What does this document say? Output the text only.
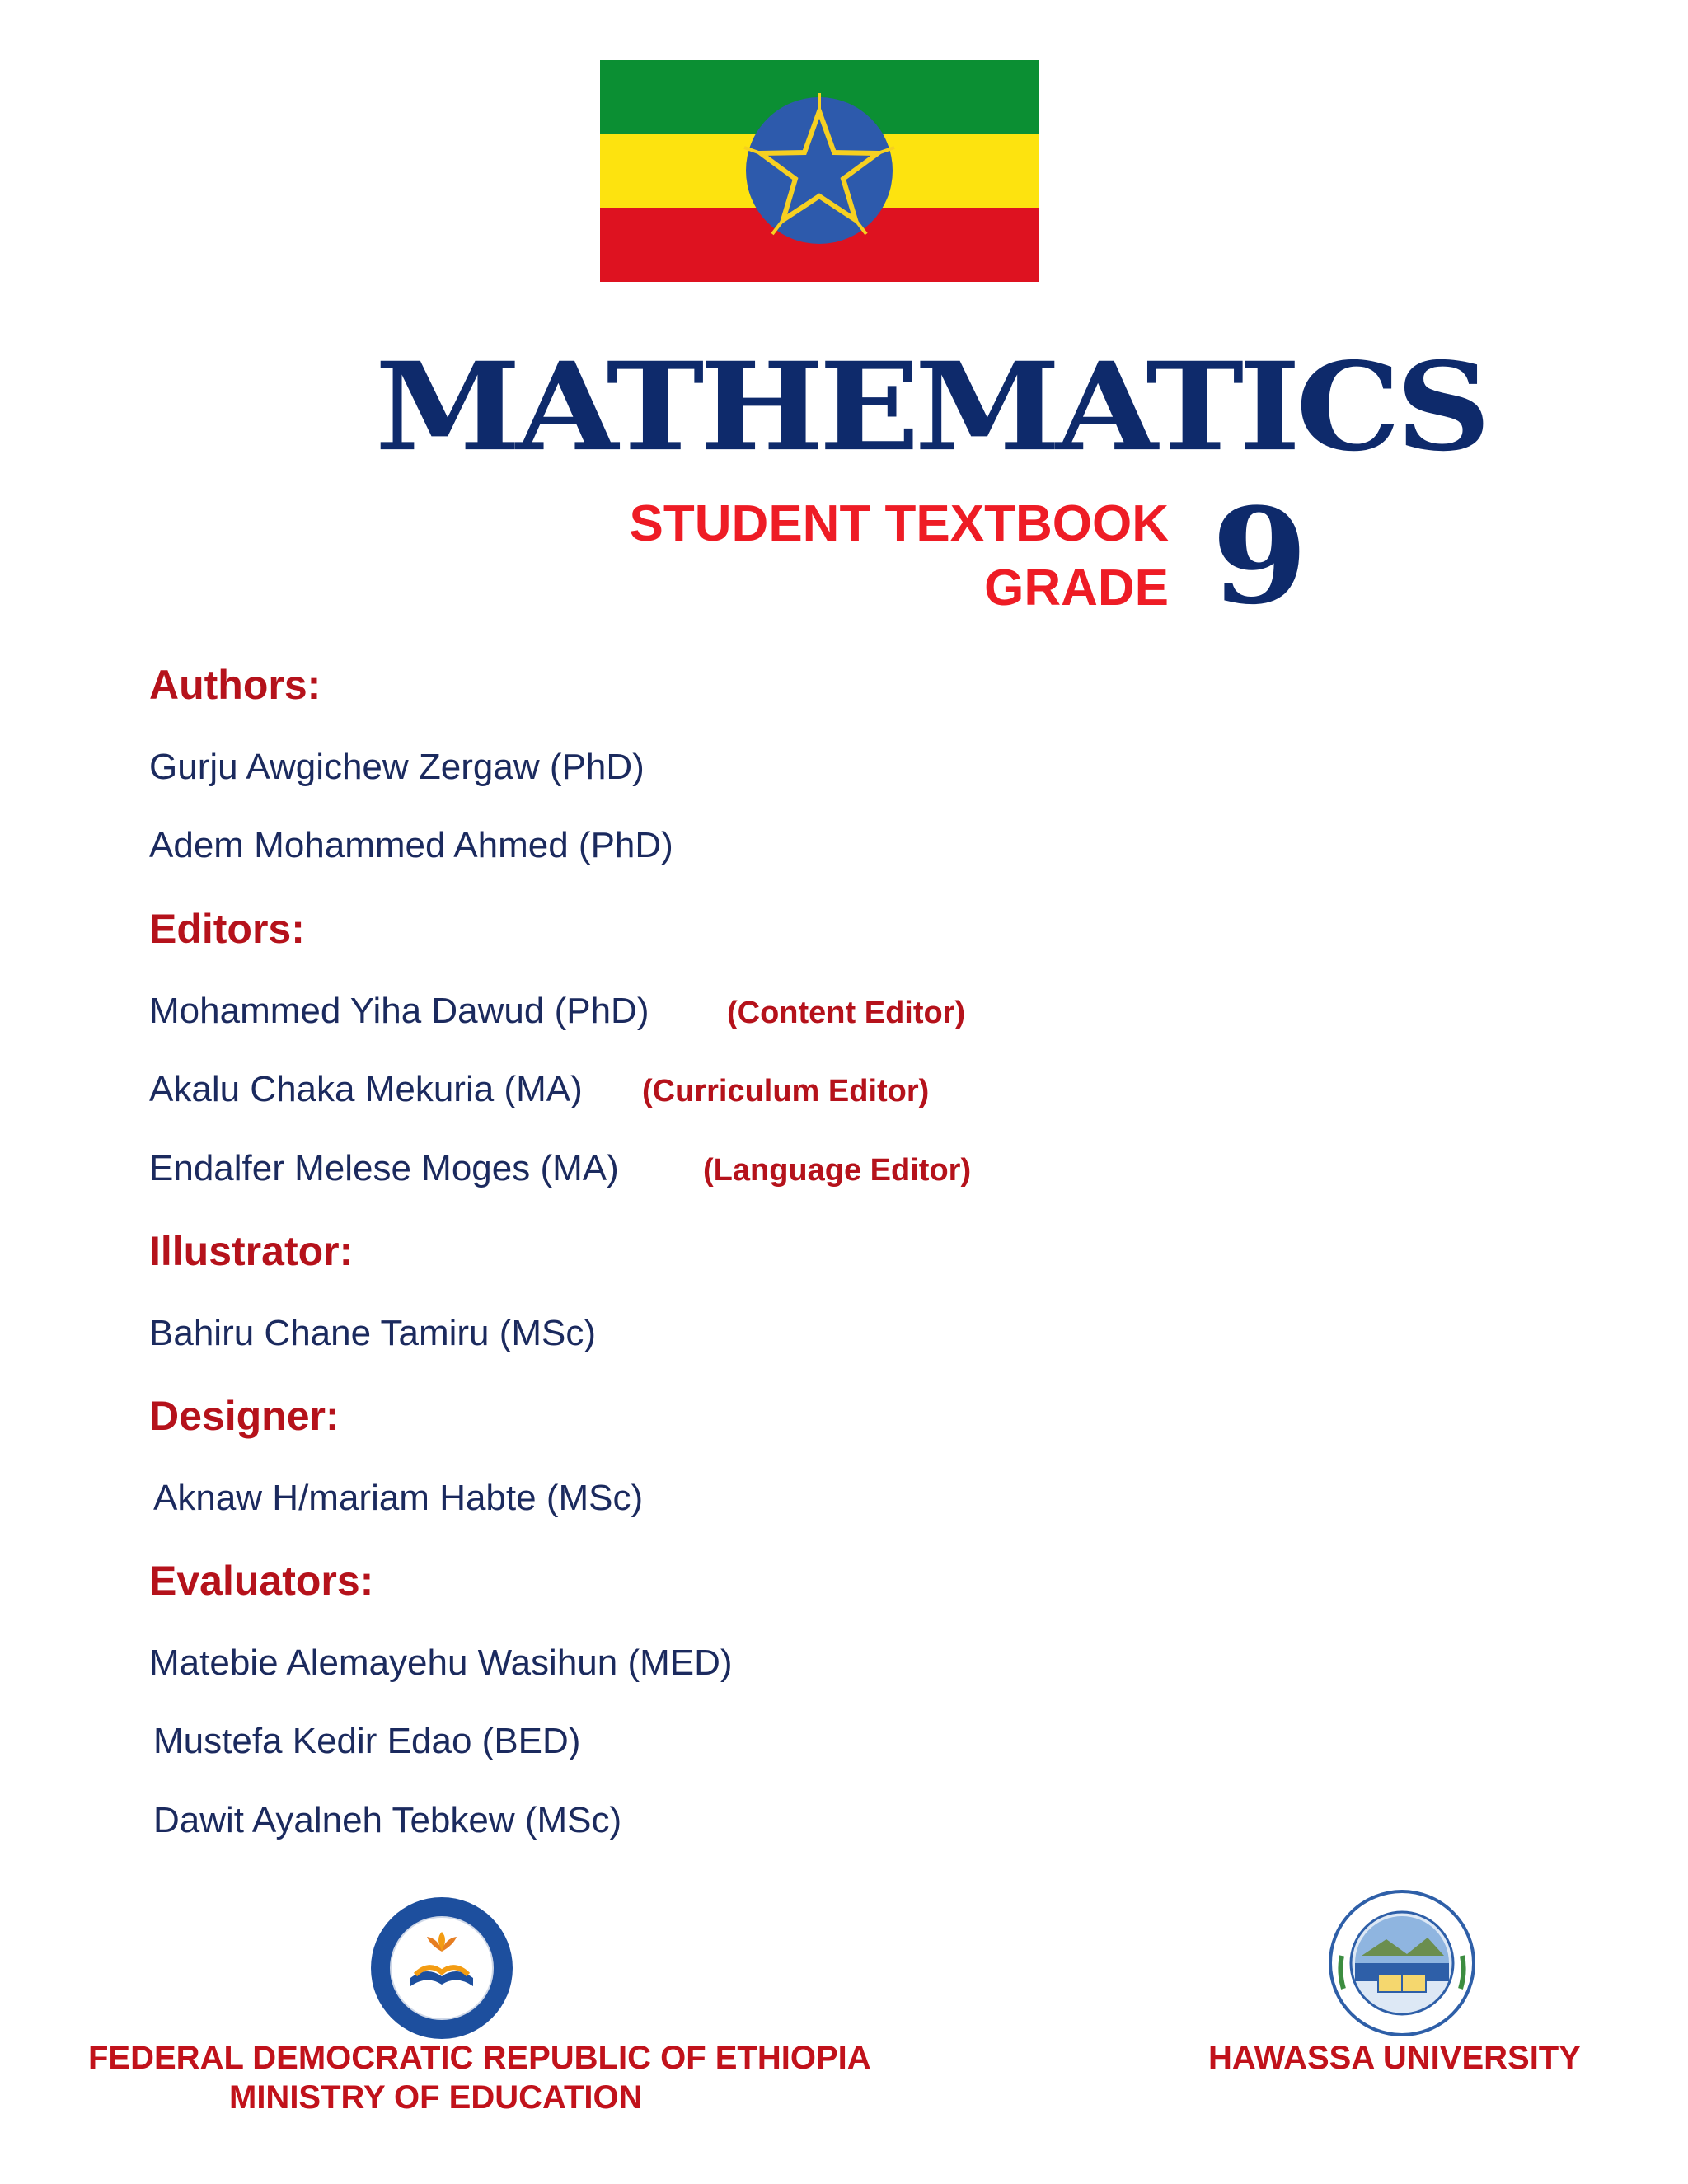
MATHEMATICS
STUDENT TEXTBOOK
GRADE 9
Authors:
Gurju Awgichew Zergaw (PhD)
Adem Mohammed Ahmed (PhD)
Editors:
Mohammed Yiha Dawud (PhD) (Content Editor)
Akalu Chaka Mekuria (MA) (Curriculum Editor)
Endalfer Melese Moges (MA)	(Language Editor)
Illustrator:
Bahiru Chane Tamiru (MSc)
Designer:
Aknaw H/mariam Habte (MSc)
Evaluators:
Matebie Alemayehu Wasihun (MED)
Mustefa Kedir Edao (BED)
Dawit Ayalneh Tebkew (MSc)
FEDERAL DEMOCRATIC REPUBLIC OF ETHIOPIA
MINISTRY OF EDUCATION
HAWASSA UNIVERSITY
